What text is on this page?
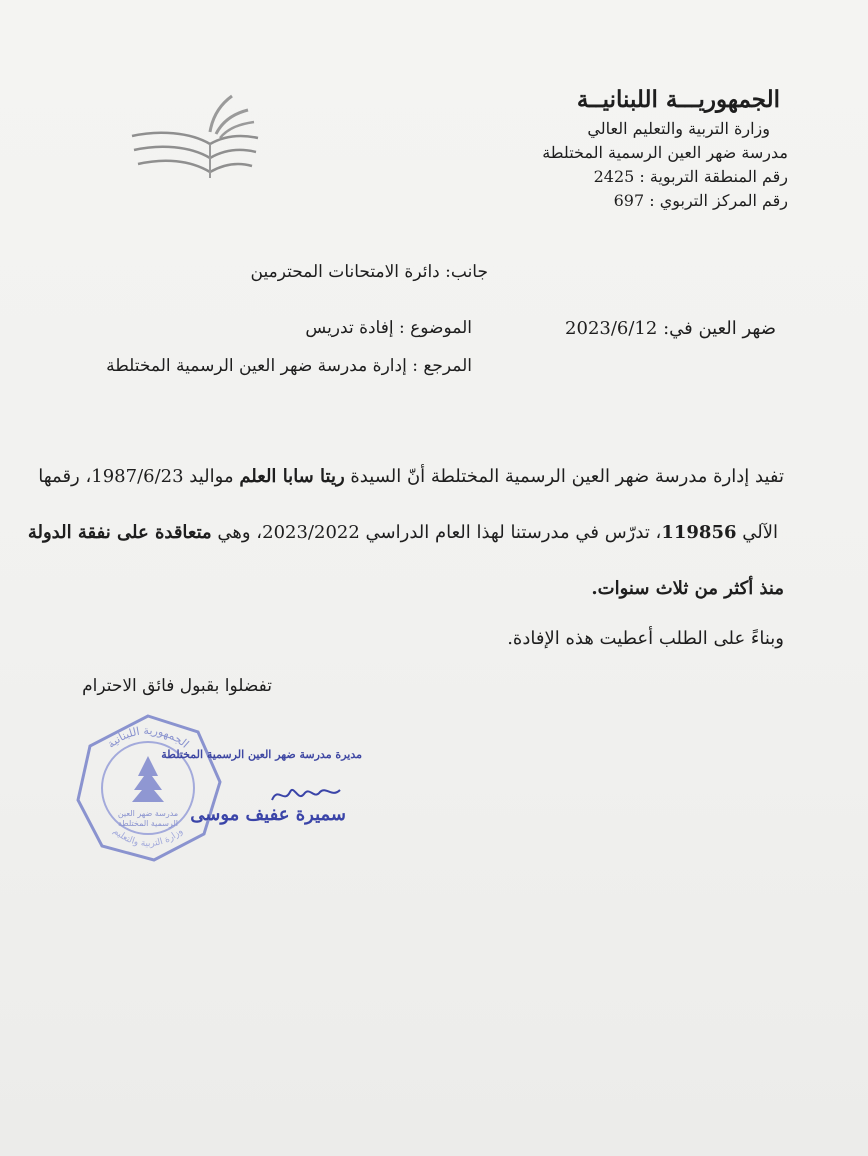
الجمهوريـــة اللبنانيــة
وزارة التربية والتعليم العالي
مدرسة ضهر العين الرسمية المختلطة
رقم المنطقة التربوية : 2425
رقم المركز التربوي : 697
جانب: دائرة الامتحانات المحترمين
ضهر العين في: 2023/6/12
الموضوع : إفادة تدريس
المرجع : إدارة مدرسة ضهر العين الرسمية المختلطة
تفيد إدارة مدرسة ضهر العين الرسمية المختلطة أنّ السيدة ريتا سابا العلم مواليد 1987/6/23، رقمها
الآلي 119856، تدرّس في مدرستنا لهذا العام الدراسي 2023/2022، وهي متعاقدة على نفقة الدولة
منذ أكثر من ثلاث سنوات.
وبناءً على الطلب أعطيت هذه الإفادة.
تفضلوا بقبول فائق الاحترام
الجمهورية اللبنانية
مدرسة ضهر العين
الرسمية المختلطة
وزارة التربية والتعليم
مديرة مدرسة ضهر العين الرسمية المختلطة
سميرة عفيف موسى
